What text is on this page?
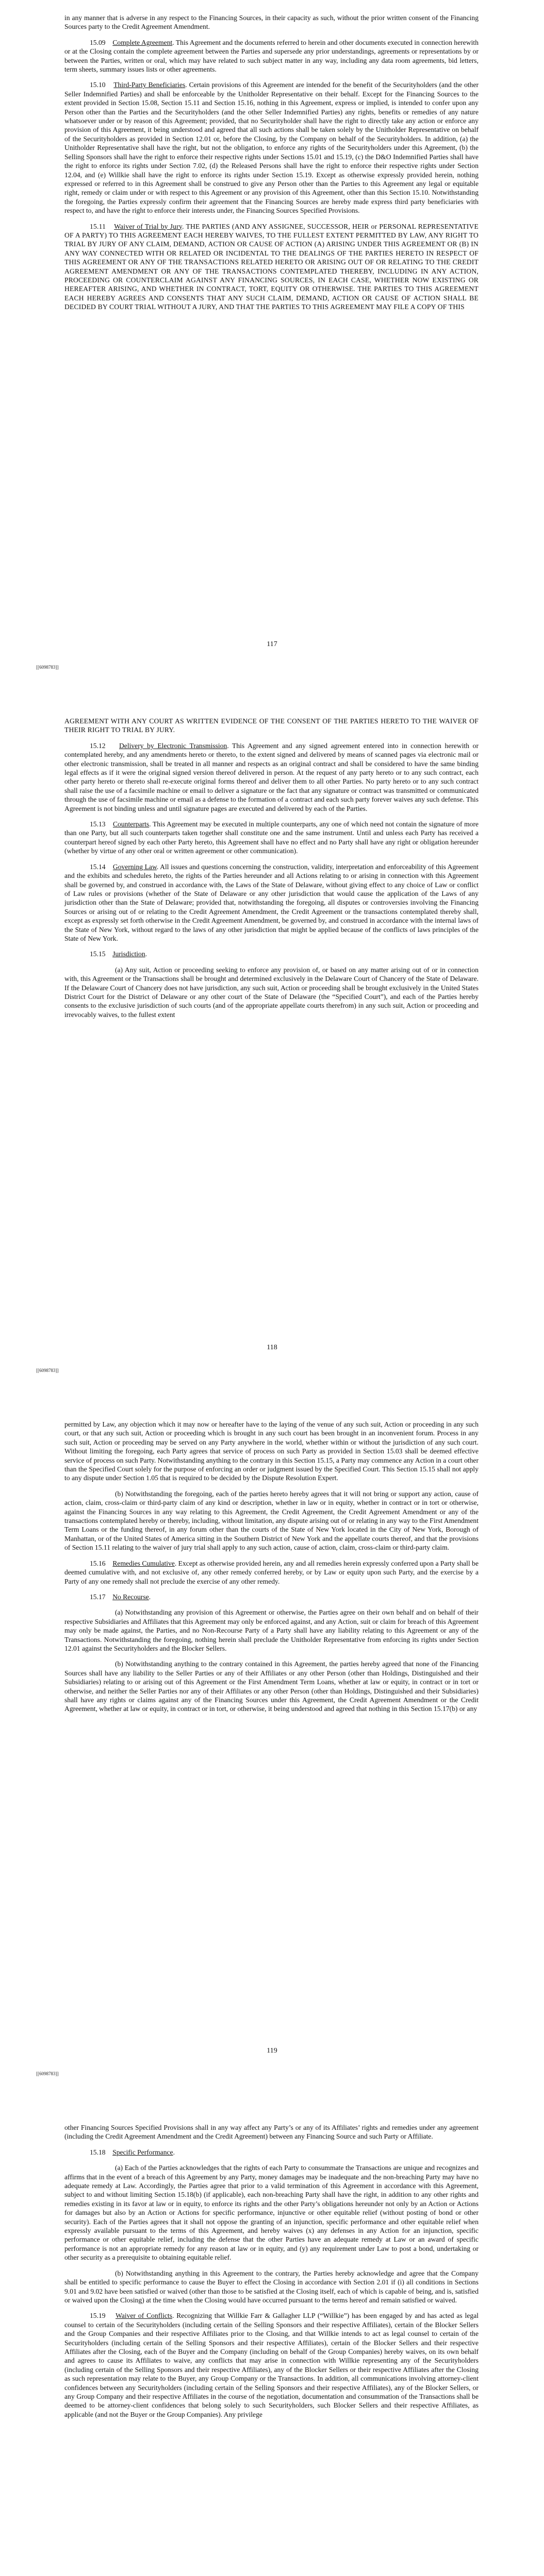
in any manner that is adverse in any respect to the Financing Sources, in their capacity as such, without the prior written consent of the Financing Sources party to the Credit Agreement Amendment.

15.09 Complete Agreement. This Agreement and the documents referred to herein and other documents executed in connection herewith or at the Closing contain the complete agreement between the Parties and supersede any prior understandings, agreements or representations by or between the Parties, written or oral, which may have related to such subject matter in any way, including any data room agreements, bid letters, term sheets, summary issues lists or other agreements.

15.10 Third-Party Beneficiaries. Certain provisions of this Agreement are intended for the benefit of the Securityholders (and the other Seller Indemnified Parties) and shall be enforceable by the Unitholder Representative on their behalf. Except for the Financing Sources to the extent provided in Section 15.08, Section 15.11 and Section 15.16, nothing in this Agreement, express or implied, is intended to confer upon any Person other than the Parties and the Securityholders (and the other Seller Indemnified Parties) any rights, benefits or remedies of any nature whatsoever under or by reason of this Agreement; provided, that no Securityholder shall have the right to directly take any action or enforce any provision of this Agreement, it being understood and agreed that all such actions shall be taken solely by the Unitholder Representative on behalf of the Securityholders as provided in Section 12.01 or, before the Closing, by the Company on behalf of the Securityholders. In addition, (a) the Unitholder Representative shall have the right, but not the obligation, to enforce any rights of the Securityholders under this Agreement, (b) the Selling Sponsors shall have the right to enforce their respective rights under Sections 15.01 and 15.19, (c) the D&O Indemnified Parties shall have the right to enforce its rights under Section 7.02, (d) the Released Persons shall have the right to enforce their respective rights under Section 12.04, and (e) Willkie shall have the right to enforce its rights under Section 15.19. Except as otherwise expressly provided herein, nothing expressed or referred to in this Agreement shall be construed to give any Person other than the Parties to this Agreement any legal or equitable right, remedy or claim under or with respect to this Agreement or any provision of this Agreement, other than this Section 15.10. Notwithstanding the foregoing, the Parties expressly confirm their agreement that the Financing Sources are hereby made express third party beneficiaries with respect to, and have the right to enforce their interests under, the Financing Sources Specified Provisions.

15.11 Waiver of Trial by Jury. THE PARTIES (AND ANY ASSIGNEE, SUCCESSOR, HEIR or PERSONAL REPRESENTATIVE OF A PARTY) TO THIS AGREEMENT EACH HEREBY WAIVES, TO THE FULLEST EXTENT PERMITTED BY LAW, ANY RIGHT TO TRIAL BY JURY OF ANY CLAIM, DEMAND, ACTION OR CAUSE OF ACTION (A) ARISING UNDER THIS AGREEMENT OR (B) IN ANY WAY CONNECTED WITH OR RELATED OR INCIDENTAL TO THE DEALINGS OF THE PARTIES HERETO IN RESPECT OF THIS AGREEMENT OR ANY OF THE TRANSACTIONS RELATED HERETO OR ARISING OUT OF OR RELATING TO THE CREDIT AGREEMENT AMENDMENT OR ANY OF THE TRANSACTIONS CONTEMPLATED THEREBY, INCLUDING IN ANY ACTION, PROCEEDING OR COUNTERCLAIM AGAINST ANY FINANCING SOURCES, IN EACH CASE, WHETHER NOW EXISTING OR HEREAFTER ARISING, AND WHETHER IN CONTRACT, TORT, EQUITY OR OTHERWISE. THE PARTIES TO THIS AGREEMENT EACH HEREBY AGREES AND CONSENTS THAT ANY SUCH CLAIM, DEMAND, ACTION OR CAUSE OF ACTION SHALL BE DECIDED BY COURT TRIAL WITHOUT A JURY, AND THAT THE PARTIES TO THIS AGREEMENT MAY FILE A COPY OF THIS

117
[[6098783]]

AGREEMENT WITH ANY COURT AS WRITTEN EVIDENCE OF THE CONSENT OF THE PARTIES HERETO TO THE WAIVER OF THEIR RIGHT TO TRIAL BY JURY.

15.12 Delivery by Electronic Transmission. This Agreement and any signed agreement entered into in connection herewith or contemplated hereby, and any amendments hereto or thereto, to the extent signed and delivered by means of scanned pages via electronic mail or other electronic transmission, shall be treated in all manner and respects as an original contract and shall be considered to have the same binding legal effects as if it were the original signed version thereof delivered in person. At the request of any party hereto or to any such contract, each other party hereto or thereto shall re-execute original forms thereof and deliver them to all other Parties. No party hereto or to any such contract shall raise the use of a facsimile machine or email to deliver a signature or the fact that any signature or contract was transmitted or communicated through the use of facsimile machine or email as a defense to the formation of a contract and each such party forever waives any such defense. This Agreement is not binding unless and until signature pages are executed and delivered by each of the Parties.

15.13 Counterparts. This Agreement may be executed in multiple counterparts, any one of which need not contain the signature of more than one Party, but all such counterparts taken together shall constitute one and the same instrument. Until and unless each Party has received a counterpart hereof signed by each other Party hereto, this Agreement shall have no effect and no Party shall have any right or obligation hereunder (whether by virtue of any other oral or written agreement or other communication).

15.14 Governing Law. All issues and questions concerning the construction, validity, interpretation and enforceability of this Agreement and the exhibits and schedules hereto, the rights of the Parties hereunder and all Actions relating to or arising in connection with this Agreement shall be governed by, and construed in accordance with, the Laws of the State of Delaware, without giving effect to any choice of Law or conflict of Law rules or provisions (whether of the State of Delaware or any other jurisdiction that would cause the application of the Laws of any jurisdiction other than the State of Delaware; provided that, notwithstanding the foregoing, all disputes or controversies involving the Financing Sources or arising out of or relating to the Credit Agreement Amendment, the Credit Agreement or the transactions contemplated thereby shall, except as expressly set forth otherwise in the Credit Agreement Amendment, be governed by, and construed in accordance with the internal laws of the State of New York, without regard to the laws of any other jurisdiction that might be applied because of the conflicts of laws principles of the State of New York.

15.15 Jurisdiction.

(a) Any suit, Action or proceeding seeking to enforce any provision of, or based on any matter arising out of or in connection with, this Agreement or the Transactions shall be brought and determined exclusively in the Delaware Court of Chancery of the State of Delaware. If the Delaware Court of Chancery does not have jurisdiction, any such suit, Action or proceeding shall be brought exclusively in the United States District Court for the District of Delaware or any other court of the State of Delaware (the “Specified Court”), and each of the Parties hereby consents to the exclusive jurisdiction of such courts (and of the appropriate appellate courts therefrom) in any such suit, Action or proceeding and irrevocably waives, to the fullest extent

118
[[6098783]]

permitted by Law, any objection which it may now or hereafter have to the laying of the venue of any such suit, Action or proceeding in any such court, or that any such suit, Action or proceeding which is brought in any such court has been brought in an inconvenient forum. Process in any such suit, Action or proceeding may be served on any Party anywhere in the world, whether within or without the jurisdiction of any such court. Without limiting the foregoing, each Party agrees that service of process on such Party as provided in Section 15.03 shall be deemed effective service of process on such Party. Notwithstanding anything to the contrary in this Section 15.15, a Party may commence any Action in a court other than the Specified Court solely for the purpose of enforcing an order or judgment issued by the Specified Court. This Section 15.15 shall not apply to any dispute under Section 1.05 that is required to be decided by the Dispute Resolution Expert.

(b) Notwithstanding the foregoing, each of the parties hereto hereby agrees that it will not bring or support any action, cause of action, claim, cross-claim or third-party claim of any kind or description, whether in law or in equity, whether in contract or in tort or otherwise, against the Financing Sources in any way relating to this Agreement, the Credit Agreement, the Credit Agreement Amendment or any of the transactions contemplated hereby or thereby, including, without limitation, any dispute arising out of or relating in any way to the First Amendment Term Loans or the funding thereof, in any forum other than the courts of the State of New York located in the City of New York, Borough of Manhattan, or of the United States of America sitting in the Southern District of New York and the appellate courts thereof, and that the provisions of Section 15.11 relating to the waiver of jury trial shall apply to any such action, cause of action, claim, cross-claim or third-party claim.

15.16 Remedies Cumulative. Except as otherwise provided herein, any and all remedies herein expressly conferred upon a Party shall be deemed cumulative with, and not exclusive of, any other remedy conferred hereby, or by Law or equity upon such Party, and the exercise by a Party of any one remedy shall not preclude the exercise of any other remedy.

15.17 No Recourse.

(a) Notwithstanding any provision of this Agreement or otherwise, the Parties agree on their own behalf and on behalf of their respective Subsidiaries and Affiliates that this Agreement may only be enforced against, and any Action, suit or claim for breach of this Agreement may only be made against, the Parties, and no Non-Recourse Party of a Party shall have any liability relating to this Agreement or any of the Transactions. Notwithstanding the foregoing, nothing herein shall preclude the Unitholder Representative from enforcing its rights under Section 12.01 against the Securityholders and the Blocker Sellers.

(b) Notwithstanding anything to the contrary contained in this Agreement, the parties hereby agreed that none of the Financing Sources shall have any liability to the Seller Parties or any of their Affiliates or any other Person (other than Holdings, Distinguished and their Subsidiaries) relating to or arising out of this Agreement or the First Amendment Term Loans, whether at law or equity, in contract or in tort or otherwise, and neither the Seller Parties nor any of their Affiliates or any other Person (other than Holdings, Distinguished and their Subsidiaries) shall have any rights or claims against any of the Financing Sources under this Agreement, the Credit Agreement Amendment or the Credit Agreement, whether at law or equity, in contract or in tort, or otherwise, it being understood and agreed that nothing in this Section 15.17(b) or any

119
[[6098783]]

other Financing Sources Specified Provisions shall in any way affect any Party’s or any of its Affiliates’ rights and remedies under any agreement (including the Credit Agreement Amendment and the Credit Agreement) between any Financing Source and such Party or Affiliate.

15.18 Specific Performance.

(a) Each of the Parties acknowledges that the rights of each Party to consummate the Transactions are unique and recognizes and affirms that in the event of a breach of this Agreement by any Party, money damages may be inadequate and the non-breaching Party may have no adequate remedy at Law. Accordingly, the Parties agree that prior to a valid termination of this Agreement in accordance with this Agreement, subject to and without limiting Section 15.18(b) (if applicable), each non-breaching Party shall have the right, in addition to any other rights and remedies existing in its favor at law or in equity, to enforce its rights and the other Party’s obligations hereunder not only by an Action or Actions for damages but also by an Action or Actions for specific performance, injunctive or other equitable relief (without posting of bond or other security). Each of the Parties agrees that it shall not oppose the granting of an injunction, specific performance and other equitable relief when expressly available pursuant to the terms of this Agreement, and hereby waives (x) any defenses in any Action for an injunction, specific performance or other equitable relief, including the defense that the other Parties have an adequate remedy at Law or an award of specific performance is not an appropriate remedy for any reason at law or in equity, and (y) any requirement under Law to post a bond, undertaking or other security as a prerequisite to obtaining equitable relief.

(b) Notwithstanding anything in this Agreement to the contrary, the Parties hereby acknowledge and agree that the Company shall be entitled to specific performance to cause the Buyer to effect the Closing in accordance with Section 2.01 if (i) all conditions in Sections 9.01 and 9.02 have been satisfied or waived (other than those to be satisfied at the Closing itself, each of which is capable of being, and is, satisfied or waived upon the Closing) at the time when the Closing would have occurred pursuant to the terms hereof and remain satisfied or waived.

15.19 Waiver of Conflicts. Recognizing that Willkie Farr & Gallagher LLP (“Willkie”) has been engaged by and has acted as legal counsel to certain of the Securityholders (including certain of the Selling Sponsors and their respective Affiliates), certain of the Blocker Sellers and the Group Companies and their respective Affiliates prior to the Closing, and that Willkie intends to act as legal counsel to certain of the Securityholders (including certain of the Selling Sponsors and their respective Affiliates), certain of the Blocker Sellers and their respective Affiliates after the Closing, each of the Buyer and the Company (including on behalf of the Group Companies) hereby waives, on its own behalf and agrees to cause its Affiliates to waive, any conflicts that may arise in connection with Willkie representing any of the Securityholders (including certain of the Selling Sponsors and their respective Affiliates), any of the Blocker Sellers or their respective Affiliates after the Closing as such representation may relate to the Buyer, any Group Company or the Transactions. In addition, all communications involving attorney-client confidences between any Securityholders (including certain of the Selling Sponsors and their respective Affiliates), any of the Blocker Sellers, or any Group Company and their respective Affiliates in the course of the negotiation, documentation and consummation of the Transactions shall be deemed to be attorney-client confidences that belong solely to such Securityholders, such Blocker Sellers and their respective Affiliates, as applicable (and not the Buyer or the Group Companies). Any privilege
